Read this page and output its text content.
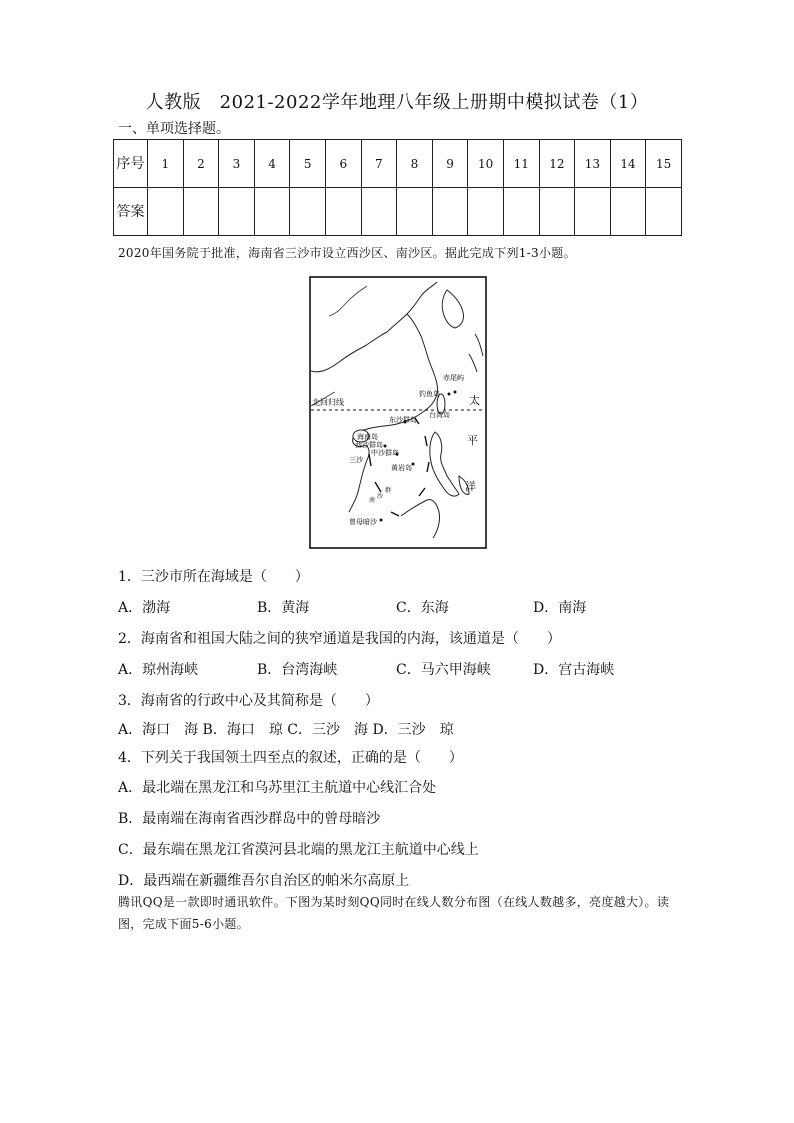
人教版　2021-2022学年地理八年级上册期中模拟试卷（1）
一、单项选择题。
序号	1	2	3	4	5	6	7	8	9	10	11	12	13	14	15
答案															
2020年国务院于批准，海南省三沙市设立西沙区、南沙区。据此完成下列1-3小题。
北回归线
赤尾屿
钓鱼岛
台湾岛
东沙群岛
海南岛
西沙群岛
中沙群岛
三沙
黄岩岛
曾母暗沙
太
平
洋
南
沙
群
1．三沙市所在海域是（　　）
A．渤海	B．黄海	C．东海	D．南海
2．海南省和祖国大陆之间的狭窄通道是我国的内海，该通道是（　　）
A．琼州海峡	B．台湾海峡	C．马六甲海峡	D．宫古海峡
3．海南省的行政中心及其简称是（　　）
A．海口　海 B．海口　琼 C．三沙　海 D．三沙　琼
4．下列关于我国领土四至点的叙述，正确的是（　　）
A．最北端在黑龙江和乌苏里江主航道中心线汇合处
B．最南端在海南省西沙群岛中的曾母暗沙
C．最东端在黑龙江省漠河县北端的黑龙江主航道中心线上
D．最西端在新疆维吾尔自治区的帕米尔高原上
腾讯QQ是一款即时通讯软件。下图为某时刻QQ同时在线人数分布图（在线人数越多，亮度越大）。读图，完成下面5-6小题。
